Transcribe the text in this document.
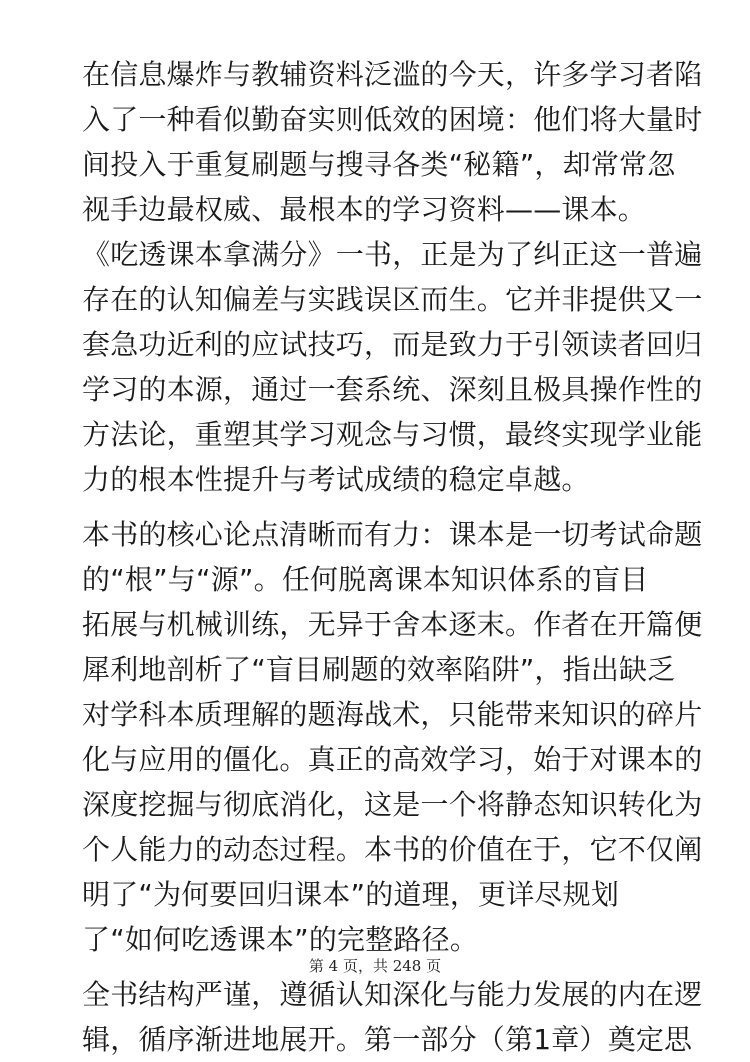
在信息爆炸与教辅资料泛滥的今天，许多学习者陷
入了一种看似勤奋实则低效的困境：他们将大量时
间投入于重复刷题与搜寻各类“秘籍”，却常常忽
视手边最权威、最根本的学习资料——课本。
《吃透课本拿满分》一书，正是为了纠正这一普遍
存在的认知偏差与实践误区而生。它并非提供又一
套急功近利的应试技巧，而是致力于引领读者回归
学习的本源，通过一套系统、深刻且极具操作性的
方法论，重塑其学习观念与习惯，最终实现学业能
力的根本性提升与考试成绩的稳定卓越。
本书的核心论点清晰而有力：课本是一切考试命题
的“根”与“源”。任何脱离课本知识体系的盲目
拓展与机械训练，无异于舍本逐末。作者在开篇便
犀利地剖析了“盲目刷题的效率陷阱”，指出缺乏
对学科本质理解的题海战术，只能带来知识的碎片
化与应用的僵化。真正的高效学习，始于对课本的
深度挖掘与彻底消化，这是一个将静态知识转化为
个人能力的动态过程。本书的价值在于，它不仅阐
明了“为何要回归课本”的道理，更详尽规划
了“如何吃透课本”的完整路径。
全书结构严谨，遵循认知深化与能力发展的内在逻
辑，循序渐进地展开。第一部分（第1章）奠定思
第 4 页，共 248 页
